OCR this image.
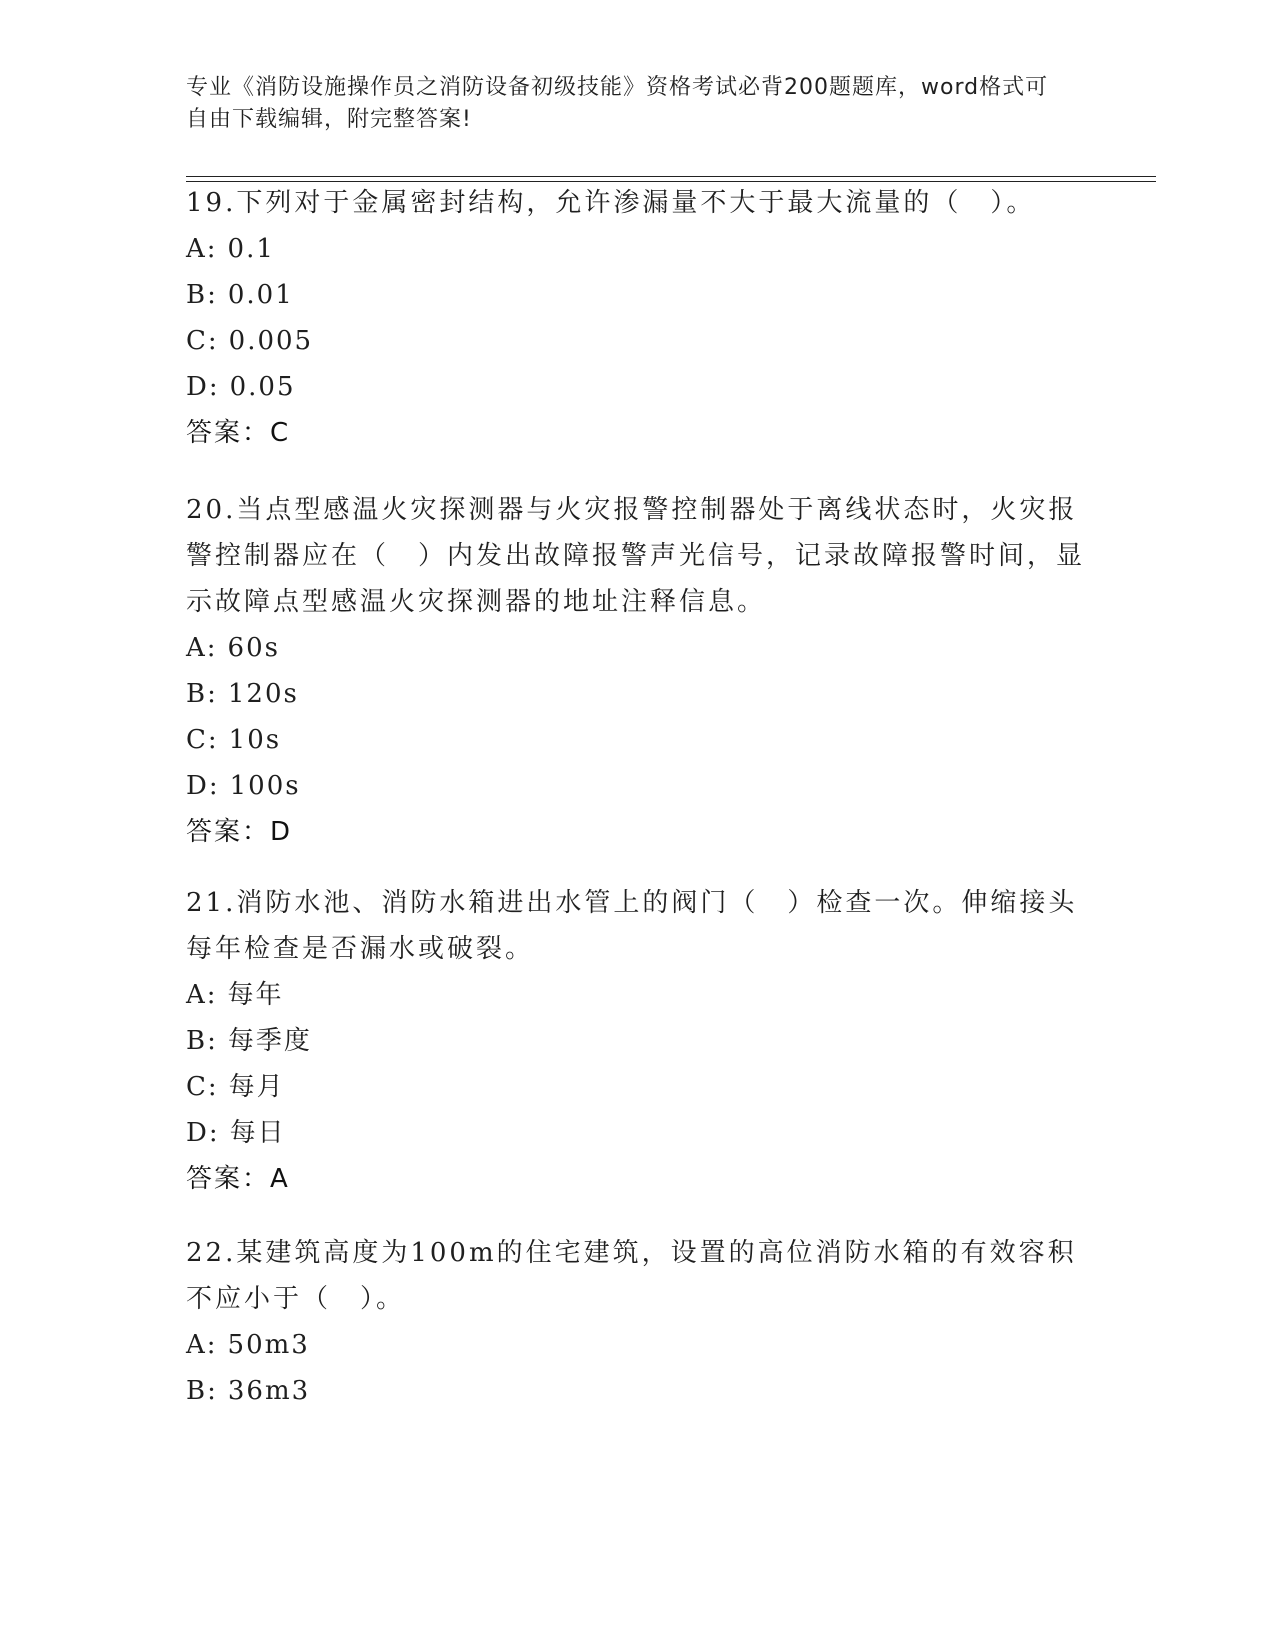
专业《消防设施操作员之消防设备初级技能》资格考试必背200题题库，word格式可自由下载编辑，附完整答案!
19.下列对于金属密封结构，允许渗漏量不大于最大流量的（　）。
A: 0.1
B: 0.01
C: 0.005
D: 0.05
答案：C
20.当点型感温火灾探测器与火灾报警控制器处于离线状态时，火灾报警控制器应在（　）内发出故障报警声光信号，记录故障报警时间，显示故障点型感温火灾探测器的地址注释信息。
A: 60s
B: 120s
C: 10s
D: 100s
答案：D
21.消防水池、消防水箱进出水管上的阀门（　）检查一次。伸缩接头每年检查是否漏水或破裂。
A: 每年
B: 每季度
C: 每月
D: 每日
答案：A
22.某建筑高度为100m的住宅建筑，设置的高位消防水箱的有效容积不应小于（　）。
A: 50m3
B: 36m3
